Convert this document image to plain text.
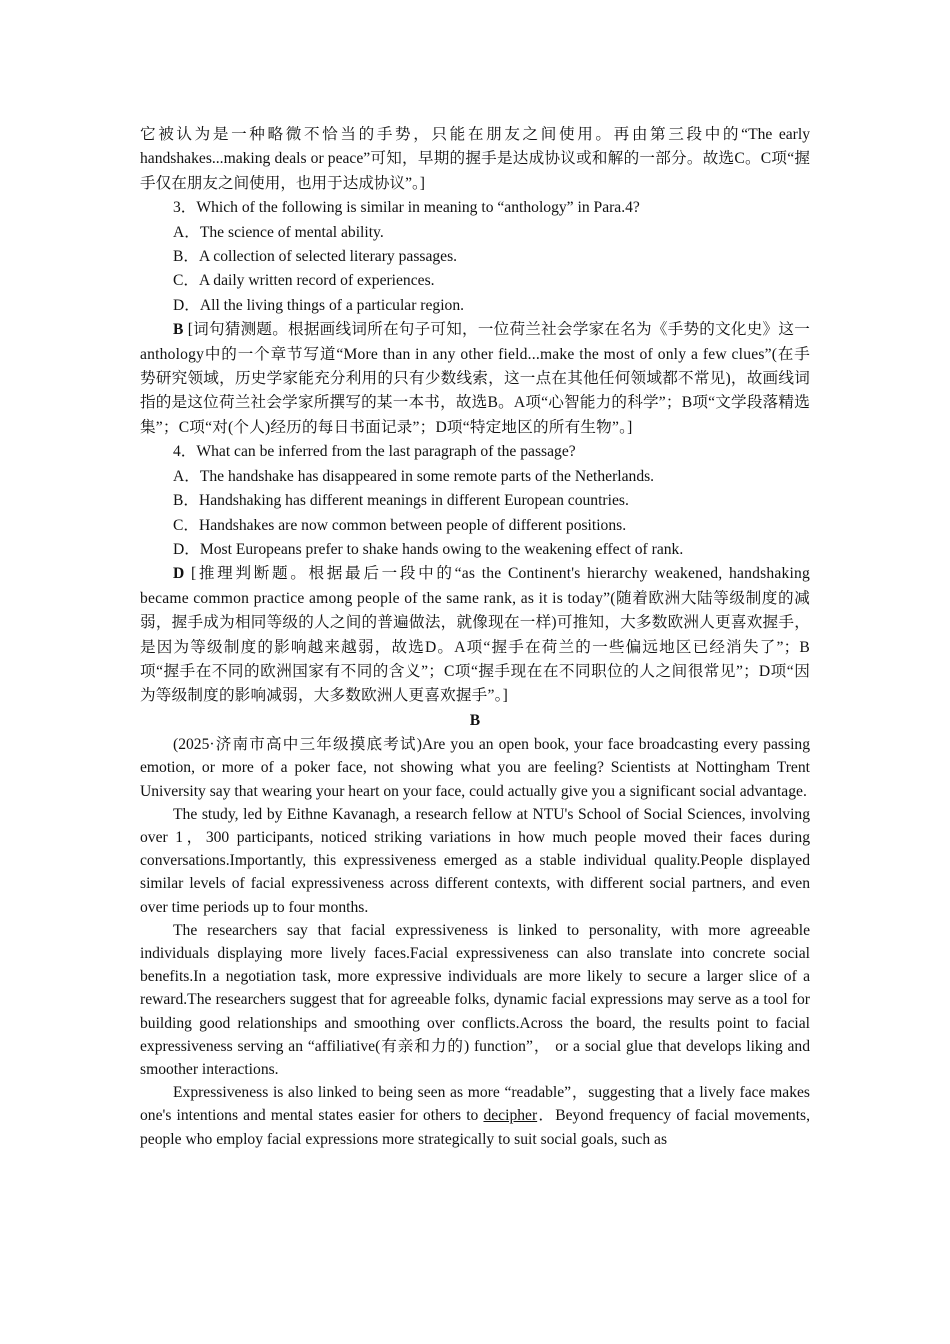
它被认为是一种略微不恰当的手势，只能在朋友之间使用。再由第三段中的“The early handshakes...making deals or peace”可知，早期的握手是达成协议或和解的一部分。故选C。C项“握手仅在朋友之间使用，也用于达成协议”。]

3．Which of the following is similar in meaning to “anthology” in Para.4?

A．The science of mental ability.

B．A collection of selected literary passages.

C．A daily written record of experiences.

D．All the living things of a particular region.

B [词句猜测题。根据画线词所在句子可知，一位荷兰社会学家在名为《手势的文化史》这一anthology中的一个章节写道“More than in any other field...make the most of only a few clues”(在手势研究领域，历史学家能充分利用的只有少数线索，这一点在其他任何领域都不常见)，故画线词指的是这位荷兰社会学家所撰写的某一本书，故选B。A项“心智能力的科学”；B项“文学段落精选集”；C项“对(个人)经历的每日书面记录”；D项“特定地区的所有生物”。]

4．What can be inferred from the last paragraph of the passage?

A．The handshake has disappeared in some remote parts of the Netherlands.

B．Handshaking has different meanings in different European countries.

C．Handshakes are now common between people of different positions.

D．Most Europeans prefer to shake hands owing to the weakening effect of rank.

D [推理判断题。根据最后一段中的“as the Continent's hierarchy weakened, handshaking became common practice among people of the same rank, as it is today”(随着欧洲大陆等级制度的减弱，握手成为相同等级的人之间的普遍做法，就像现在一样)可推知，大多数欧洲人更喜欢握手，是因为等级制度的影响越来越弱，故选D。A项“握手在荷兰的一些偏远地区已经消失了”；B项“握手在不同的欧洲国家有不同的含义”；C项“握手现在在不同职位的人之间很常见”；D项“因为等级制度的影响减弱，大多数欧洲人更喜欢握手”。]

B

(2025·济南市高中三年级摸底考试)Are you an open book, your face broadcasting every passing emotion, or more of a poker face, not showing what you are feeling? Scientists at Nottingham Trent University say that wearing your heart on your face, could actually give you a significant social advantage.

The study, led by Eithne Kavanagh, a research fellow at NTU's School of Social Sciences, involving over 1，300 participants, noticed striking variations in how much people moved their faces during conversations.Importantly, this expressiveness emerged as a stable individual quality.People displayed similar levels of facial expressiveness across different contexts, with different social partners, and even over time periods up to four months.

The researchers say that facial expressiveness is linked to personality, with more agreeable individuals displaying more lively faces.Facial expressiveness can also translate into concrete social benefits.In a negotiation task, more expressive individuals are more likely to secure a larger slice of a reward.The researchers suggest that for agreeable folks, dynamic facial expressions may serve as a tool for building good relationships and smoothing over conflicts.Across the board, the results point to facial expressiveness serving an “affiliative(有亲和力的) function”， or a social glue that develops liking and smoother interactions.

Expressiveness is also linked to being seen as more “readable”，suggesting that a lively face makes one's intentions and mental states easier for others to decipher．Beyond frequency of facial movements, people who employ facial expressions more strategically to suit social goals, such as
